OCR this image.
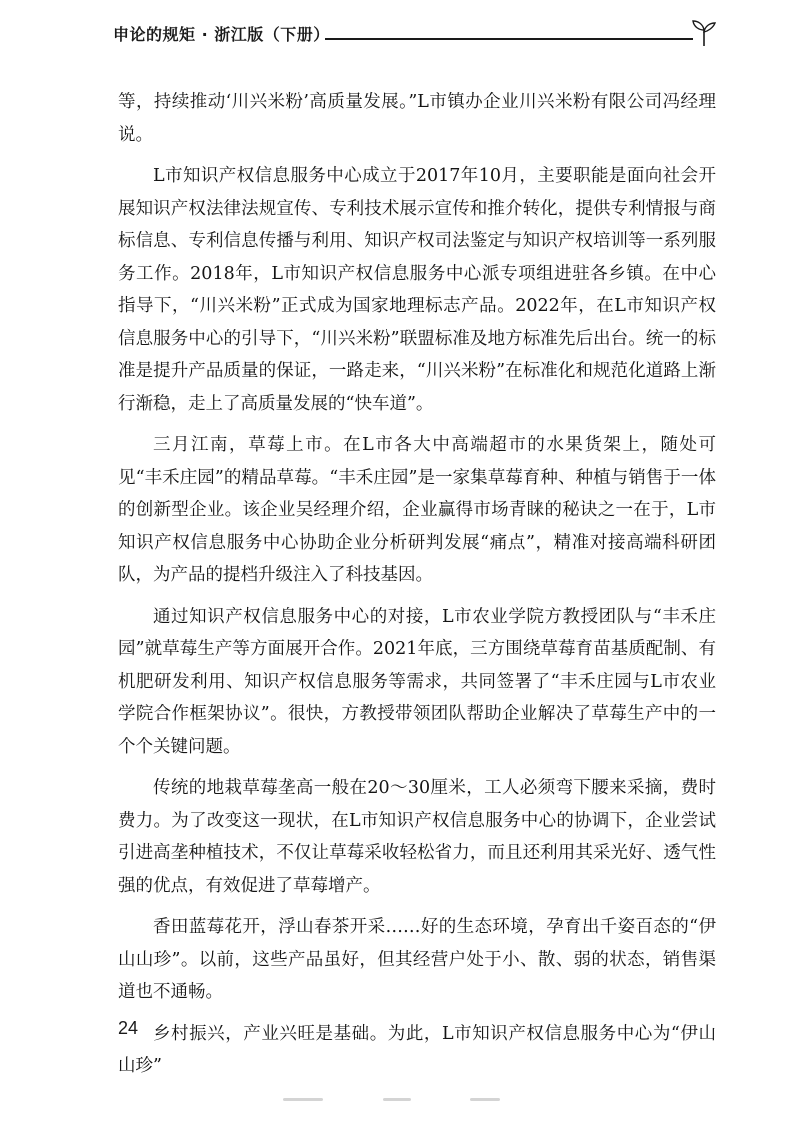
申论的规矩 · 浙江版（下册）

等，持续推动‘川兴米粉’高质量发展。”L市镇办企业川兴米粉有限公司冯经理说。

L市知识产权信息服务中心成立于2017年10月，主要职能是面向社会开展知识产权法律法规宣传、专利技术展示宣传和推介转化，提供专利情报与商标信息、专利信息传播与利用、知识产权司法鉴定与知识产权培训等一系列服务工作。2018年，L市知识产权信息服务中心派专项组进驻各乡镇。在中心指导下，“川兴米粉”正式成为国家地理标志产品。2022年，在L市知识产权信息服务中心的引导下，“川兴米粉”联盟标准及地方标准先后出台。统一的标准是提升产品质量的保证，一路走来，“川兴米粉”在标准化和规范化道路上渐行渐稳，走上了高质量发展的“快车道”。

三月江南，草莓上市。在L市各大中高端超市的水果货架上，随处可见“丰禾庄园”的精品草莓。“丰禾庄园”是一家集草莓育种、种植与销售于一体的创新型企业。该企业吴经理介绍，企业赢得市场青睐的秘诀之一在于，L市知识产权信息服务中心协助企业分析研判发展“痛点”，精准对接高端科研团队，为产品的提档升级注入了科技基因。

通过知识产权信息服务中心的对接，L市农业学院方教授团队与“丰禾庄园”就草莓生产等方面展开合作。2021年底，三方围绕草莓育苗基质配制、有机肥研发利用、知识产权信息服务等需求，共同签署了“丰禾庄园与L市农业学院合作框架协议”。很快，方教授带领团队帮助企业解决了草莓生产中的一个个关键问题。

传统的地栽草莓垄高一般在20～30厘米，工人必须弯下腰来采摘，费时费力。为了改变这一现状，在L市知识产权信息服务中心的协调下，企业尝试引进高垄种植技术，不仅让草莓采收轻松省力，而且还利用其采光好、透气性强的优点，有效促进了草莓增产。

香田蓝莓花开，浮山春茶开采……好的生态环境，孕育出千姿百态的“伊山山珍”。以前，这些产品虽好，但其经营户处于小、散、弱的状态，销售渠道也不通畅。

乡村振兴，产业兴旺是基础。为此，L市知识产权信息服务中心为“伊山山珍”

24
